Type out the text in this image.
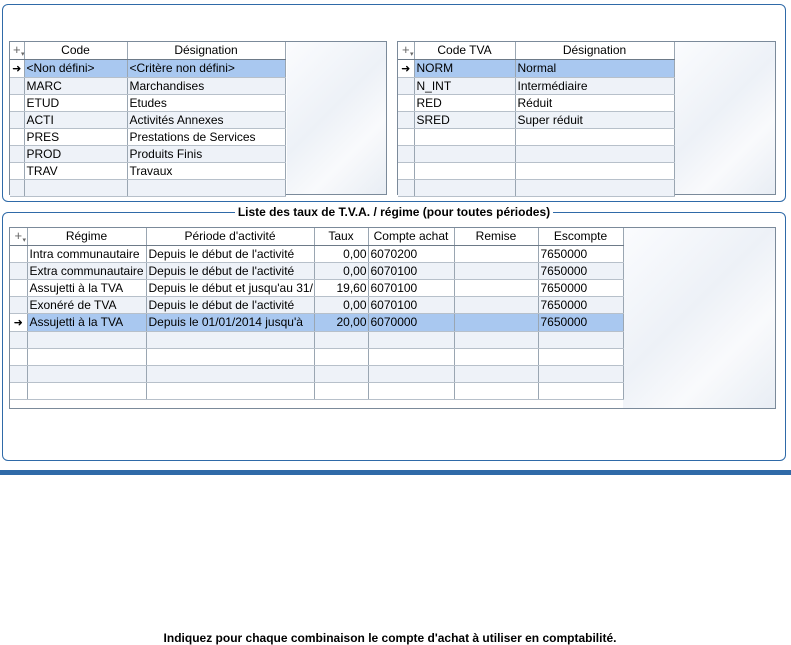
+ ▾	Code	Désignation
➜	<Non défini>	<Critère non défini>
	MARC	Marchandises
	ETUD	Etudes
	ACTI	Activités Annexes
	PRES	Prestations de Services
	PROD	Produits Finis
	TRAV	Travaux

+ ▾	Code TVA	Désignation
➜	NORM	Normal
	N_INT	Intermédiaire
	RED	Réduit
	SRED	Super réduit

Liste des taux de T.V.A. / régime (pour toutes périodes)
Indiquez pour chaque combinaison le compte d'achat à utiliser en comptabilité.
+ ▾	Régime	Période d'activité	Taux	Compte achat	Remise	Escompte
	Intra communautaire	Depuis le début de l'activité	0,00	6070200		7650000
	Extra communautaire	Depuis le début de l'activité	0,00	6070100		7650000
	Assujetti à la TVA	Depuis le début et jusqu'au 31/	19,60	6070100		7650000
	Exonéré de TVA	Depuis le début de l'activité	0,00	6070100		7650000
➜	Assujetti à la TVA	Depuis le 01/01/2014 jusqu'à	20,00	6070000		7650000
